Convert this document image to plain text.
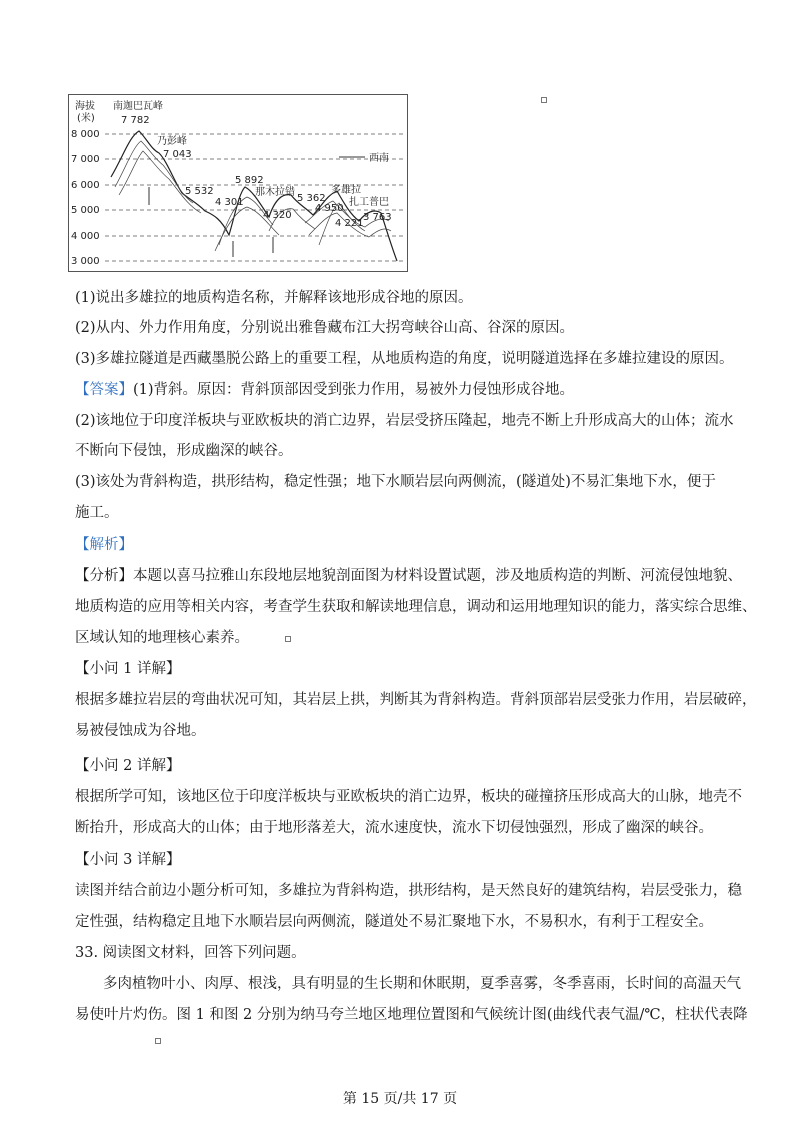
海拔
(米)
8 000
7 000
6 000
5 000
4 000
3 000
南迦巴瓦峰
7 782
乃彭峰
7 043	西南
5 532
4 301
5 892
4 320
5 362
4 950
4 221
3 763
那木拉错	多雄拉
扎工普巴
(1)说出多雄拉的地质构造名称，并解释该地形成谷地的原因。
(2)从内、外力作用角度，分别说出雅鲁藏布江大拐弯峡谷山高、谷深的原因。
(3)多雄拉隧道是西藏墨脱公路上的重要工程，从地质构造的角度，说明隧道选择在多雄拉建设的原因。
【答案】(1)背斜。原因：背斜顶部因受到张力作用，易被外力侵蚀形成谷地。
(2)该地位于印度洋板块与亚欧板块的消亡边界，岩层受挤压隆起，地壳不断上升形成高大的山体；流水
不断向下侵蚀，形成幽深的峡谷。
(3)该处为背斜构造，拱形结构，稳定性强；地下水顺岩层向两侧流，(隧道处)不易汇集地下水，便于
施工。
【解析】
【分析】本题以喜马拉雅山东段地层地貌剖面图为材料设置试题，涉及地质构造的判断、河流侵蚀地貌、
地质构造的应用等相关内容，考查学生获取和解读地理信息，调动和运用地理知识的能力，落实综合思维、
区域认知的地理核心素养。
【小问 1 详解】
根据多雄拉岩层的弯曲状况可知，其岩层上拱，判断其为背斜构造。背斜顶部岩层受张力作用，岩层破碎，
易被侵蚀成为谷地。
【小问 2 详解】
根据所学可知，该地区位于印度洋板块与亚欧板块的消亡边界，板块的碰撞挤压形成高大的山脉，地壳不
断抬升，形成高大的山体；由于地形落差大，流水速度快，流水下切侵蚀强烈，形成了幽深的峡谷。
【小问 3 详解】
读图并结合前边小题分析可知，多雄拉为背斜构造，拱形结构，是天然良好的建筑结构，岩层受张力，稳
定性强，结构稳定且地下水顺岩层向两侧流，隧道处不易汇聚地下水，不易积水，有利于工程安全。
33. 阅读图文材料，回答下列问题。
多肉植物叶小、肉厚、根浅，具有明显的生长期和休眠期，夏季喜雾，冬季喜雨，长时间的高温天气
易使叶片灼伤。图 1 和图 2 分别为纳马夸兰地区地理位置图和气候统计图(曲线代表气温/℃，柱状代表降
第 15 页/共 17 页
